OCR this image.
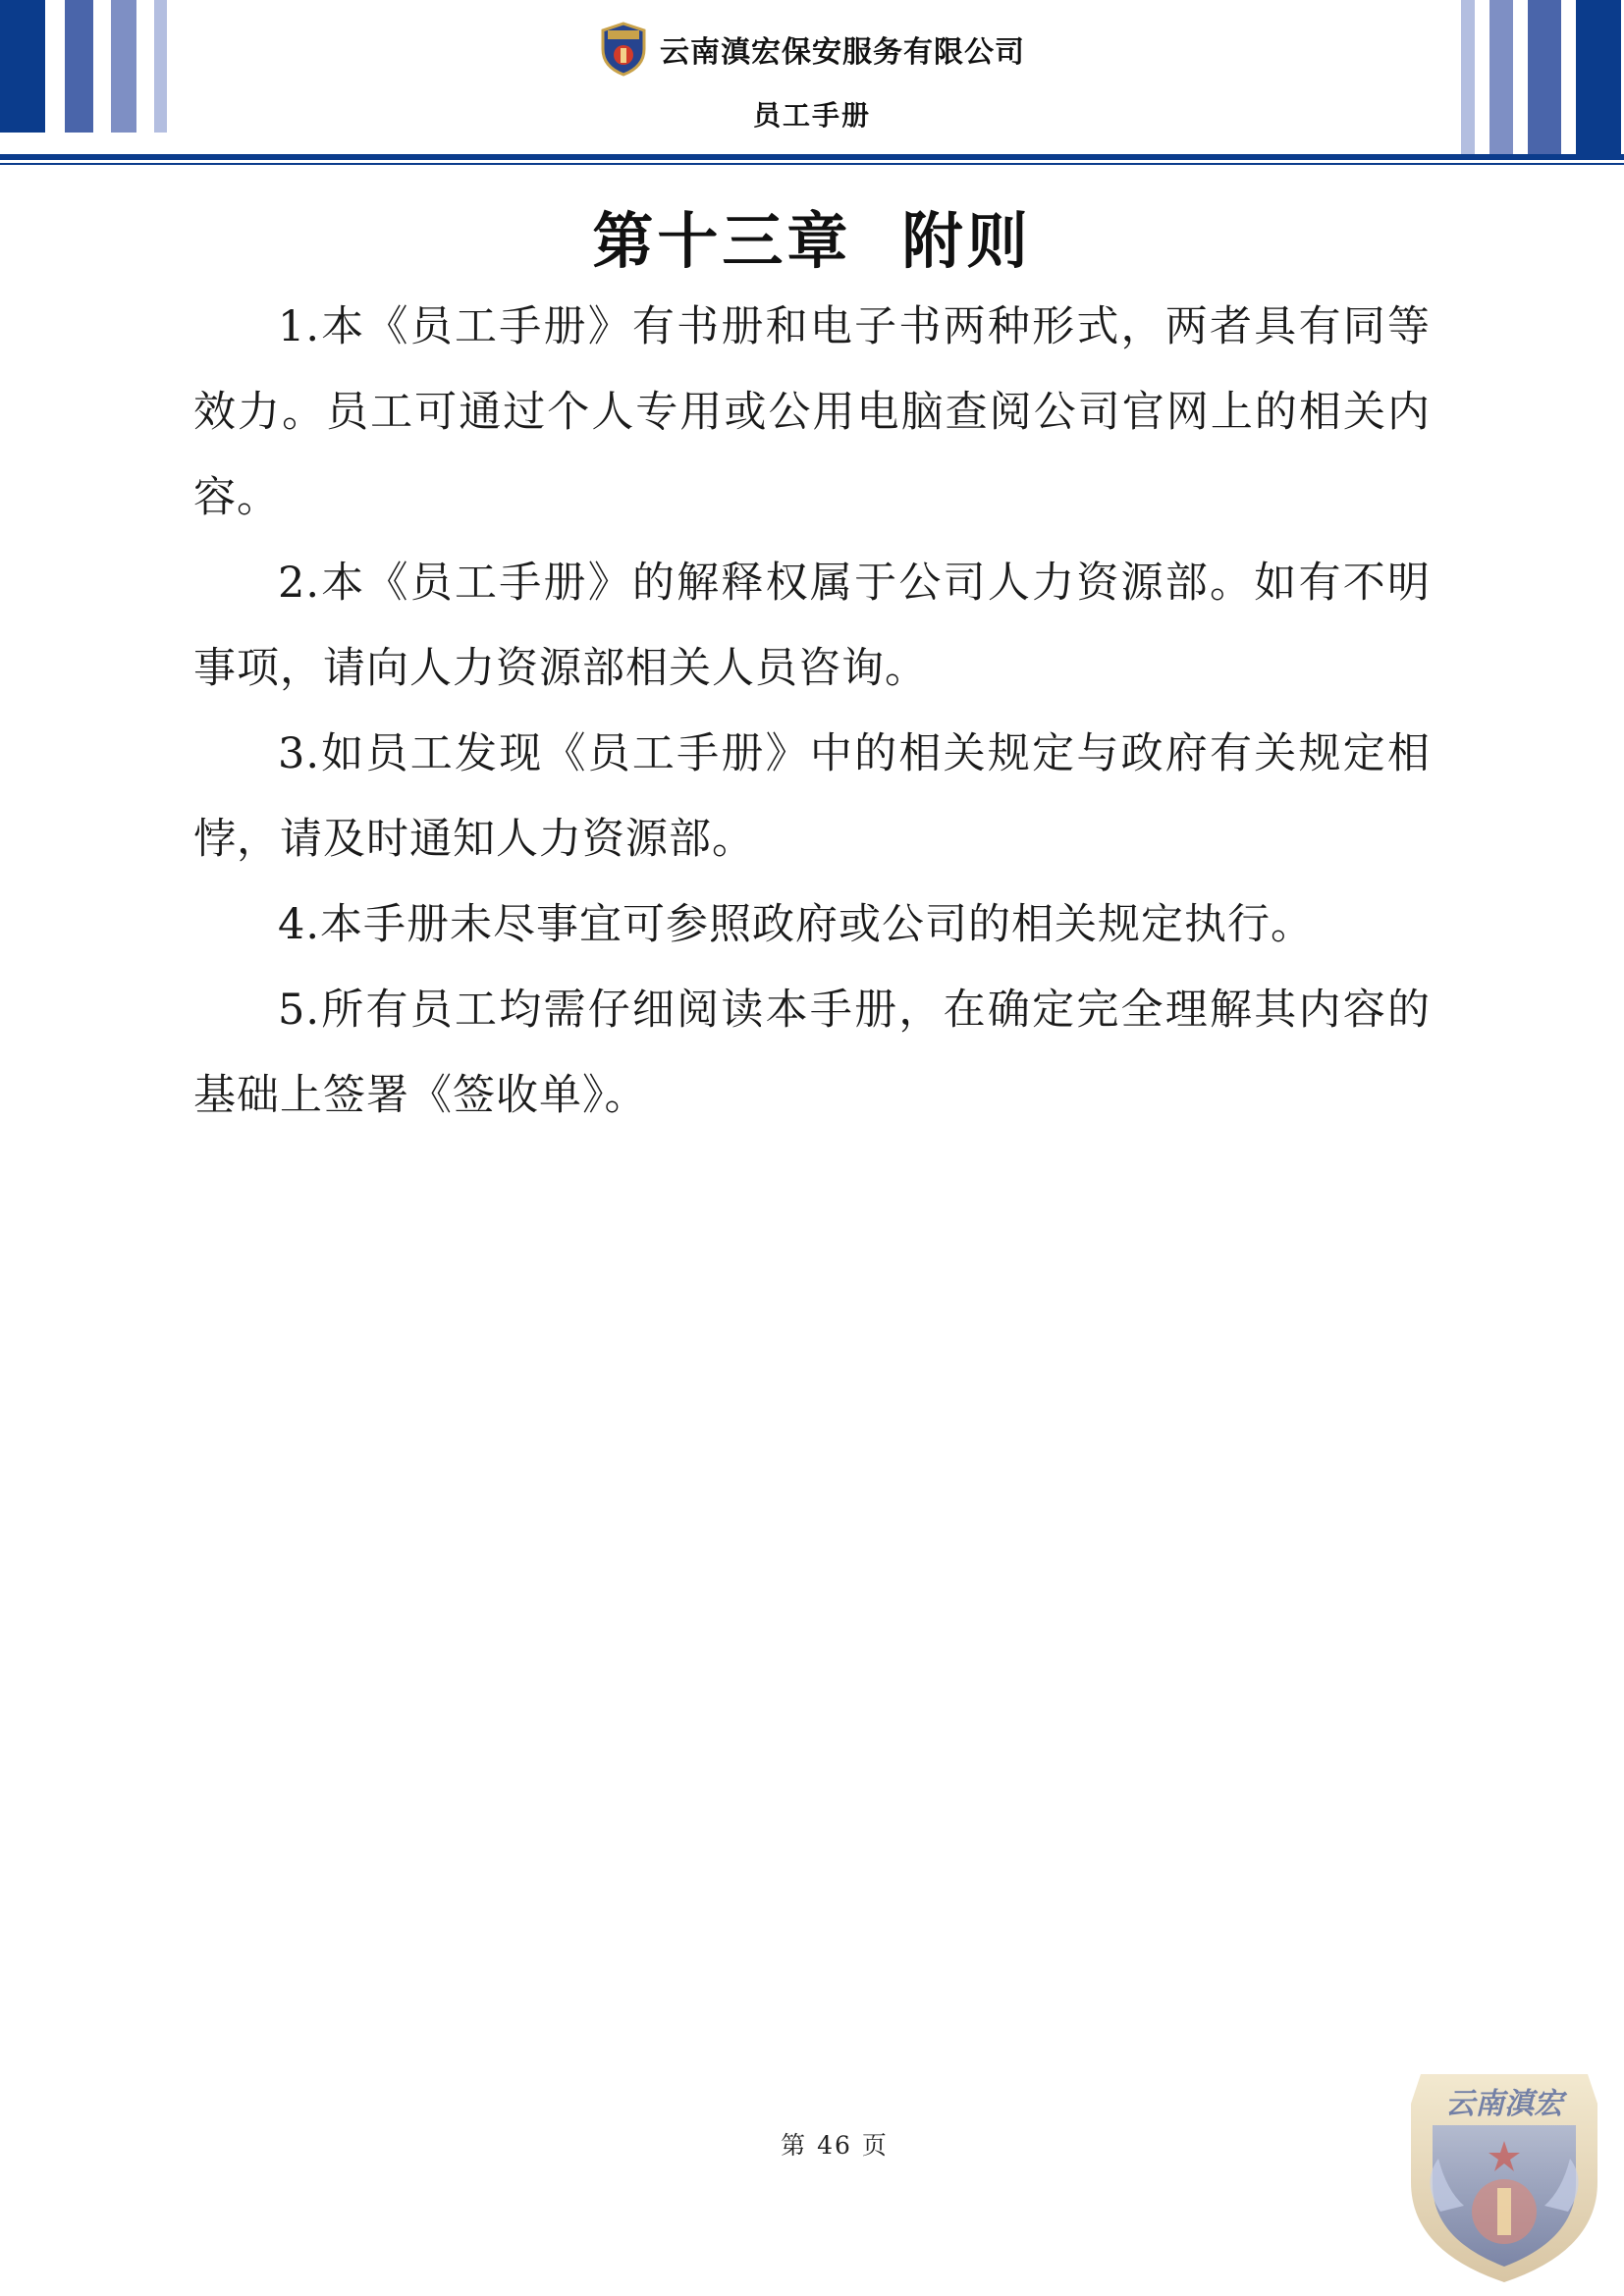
云南滇宏保安服务有限公司
员工手册
第十三章  附则

1.本《员工手册》有书册和电子书两种形式，两者具有同等效力。员工可通过个人专用或公用电脑查阅公司官网上的相关内容。

2.本《员工手册》的解释权属于公司人力资源部。如有不明事项，请向人力资源部相关人员咨询。

3.如员工发现《员工手册》中的相关规定与政府有关规定相悖，请及时通知人力资源部。

4.本手册未尽事宜可参照政府或公司的相关规定执行。

5.所有员工均需仔细阅读本手册，在确定完全理解其内容的基础上签署《签收单》。

第 46 页
云南滇宏
